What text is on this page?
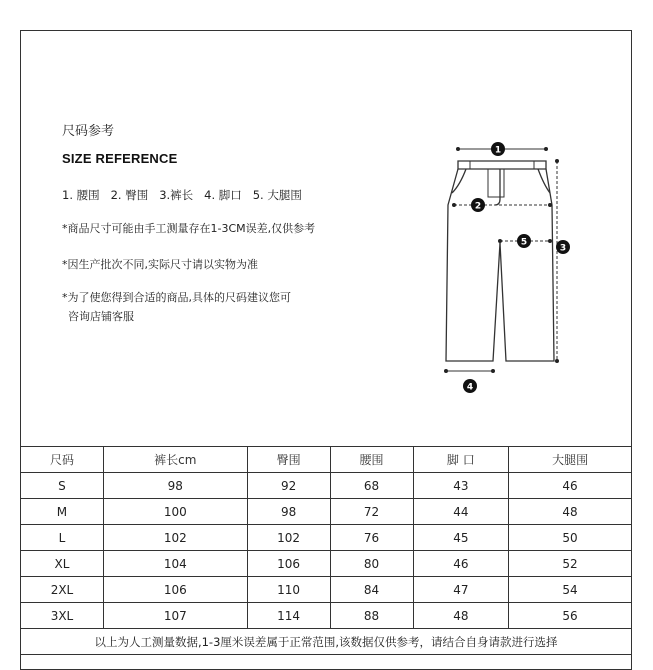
尺码参考
SIZE REFERENCE
1. 腰围   2. 臀围   3.裤长   4. 脚口   5. 大腿围
*商品尺寸可能由手工测量存在1-3CM误差,仅供参考
*因生产批次不同,实际尺寸请以实物为准
*为了使您得到合适的商品,具体的尺码建议您可
咨询店铺客服
1
2
3
4
5
尺码	裤长cm	臀围	腰围	脚 口	大腿围
S	98	92	68	43	46
M	100	98	72	44	48
L	102	102	76	45	50
XL	104	106	80	46	52
2XL	106	110	84	47	54
3XL	107	114	88	48	56
以上为人工测量数据,1-3厘米误差属于正常范围,该数据仅供参考，请结合自身请款进行选择					
